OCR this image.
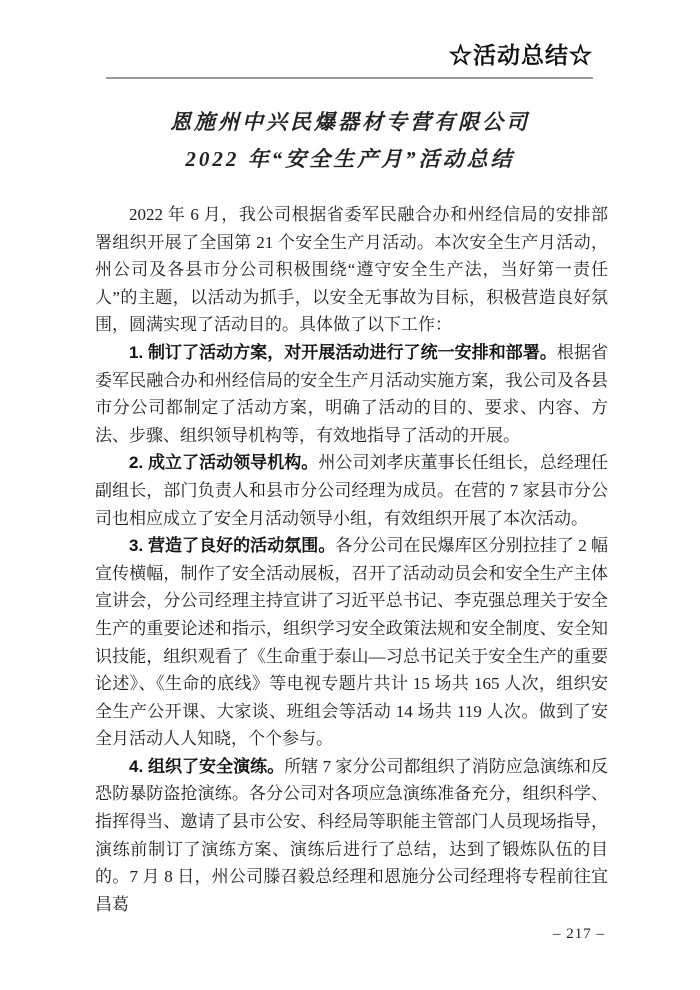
☆活动总结☆
恩施州中兴民爆器材专营有限公司
2022 年“安全生产月”活动总结

2022 年 6 月，我公司根据省委军民融合办和州经信局的安排部署组织开展了全国第 21 个安全生产月活动。本次安全生产月活动，州公司及各县市分公司积极围绕“遵守安全生产法，当好第一责任人”的主题，以活动为抓手，以安全无事故为目标，积极营造良好氛围，圆满实现了活动目的。具体做了以下工作：

1. 制订了活动方案，对开展活动进行了统一安排和部署。根据省委军民融合办和州经信局的安全生产月活动实施方案，我公司及各县市分公司都制定了活动方案，明确了活动的目的、要求、内容、方法、步骤、组织领导机构等，有效地指导了活动的开展。

2. 成立了活动领导机构。州公司刘孝庆董事长任组长，总经理任副组长，部门负责人和县市分公司经理为成员。在营的 7 家县市分公司也相应成立了安全月活动领导小组，有效组织开展了本次活动。

3. 营造了良好的活动氛围。各分公司在民爆库区分别拉挂了 2 幅宣传横幅，制作了安全活动展板，召开了活动动员会和安全生产主体宣讲会，分公司经理主持宣讲了习近平总书记、李克强总理关于安全生产的重要论述和指示，组织学习安全政策法规和安全制度、安全知识技能，组织观看了《生命重于泰山—习总书记关于安全生产的重要论述》、《生命的底线》等电视专题片共计 15 场共 165 人次，组织安全生产公开课、大家谈、班组会等活动 14 场共 119 人次。做到了安全月活动人人知晓，个个参与。

4. 组织了安全演练。所辖 7 家分公司都组织了消防应急演练和反恐防暴防盗抢演练。各分公司对各项应急演练准备充分，组织科学、指挥得当、邀请了县市公安、科经局等职能主管部门人员现场指导，演练前制订了演练方案、演练后进行了总结，达到了锻炼队伍的目的。7 月 8 日，州公司滕召毅总经理和恩施分公司经理将专程前往宜昌葛

– 217 –
